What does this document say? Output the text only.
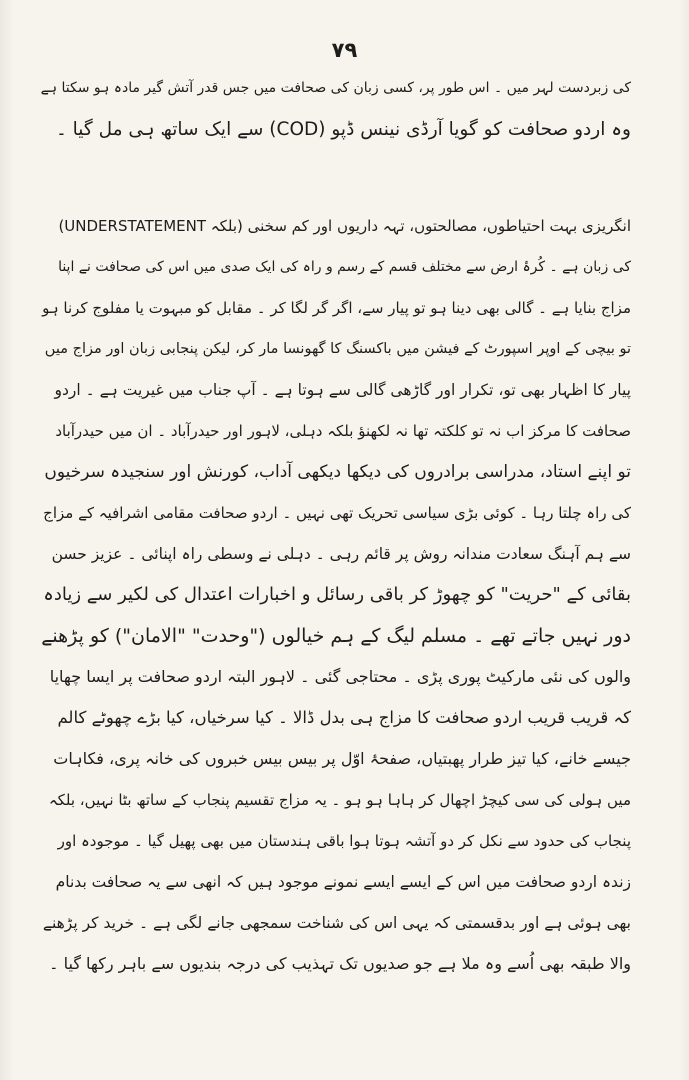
۷۹
کی زبردست لہر میں ۔ اس طور پر، کسی زبان کی صحافت میں جس قدر آتش گیر مادہ ہو سکتا ہے
وہ اردو صحافت کو گویا آرڈی نینس ڈپو (COD) سے ایک ساتھ ہی مل گیا ۔
انگریزی بہت احتیاطوں، مصالحتوں، تہہ داریوں اور کم سخنی (بلکہ UNDERSTATEMENT)
کی زبان ہے ۔ کُرۂ ارض سے مختلف قسم کے رسم و راہ کی ایک صدی میں اس کی صحافت نے اپنا
مزاج بنایا ہے ۔ گالی بھی دینا ہو تو پیار سے، اگر گر لگا کر ۔ مقابل کو مبہوت یا مفلوج کرنا ہو
تو بیچی کے اوپر اسپورٹ کے فیشن میں باکسنگ کا گھونسا مار کر، لیکن پنجابی زبان اور مزاج میں
پیار کا اظہار بھی تو، تکرار اور گاڑھی گالی سے ہوتا ہے ۔ آپ جناب میں غیریت ہے ۔ اردو
صحافت کا مرکز اب نہ تو کلکتہ تھا نہ لکھنؤ بلکہ دہلی، لاہور اور حیدرآباد ۔ ان میں حیدرآباد
تو اپنے استاد، مدراسی برادروں کی دیکھا دیکھی آداب، کورنش اور سنجیدہ سرخیوں
کی راہ چلتا رہا ۔ کوئی بڑی سیاسی تحریک تھی نہیں ۔ اردو صحافت مقامی اشرافیہ کے مزاج
سے ہم آہنگ سعادت مندانہ روش پر قائم رہی ۔ دہلی نے وسطی راہ اپنائی ۔ عزیز حسن
بقائی کے "حریت" کو چھوڑ کر باقی رسائل و اخبارات اعتدال کی لکیر سے زیادہ
دور نہیں جاتے تھے ۔ مسلم لیگ کے ہم خیالوں ("وحدت" "الامان") کو پڑھنے
والوں کی نئی مارکیٹ پوری پڑی ۔ محتاجی گئی ۔ لاہور البتہ اردو صحافت پر ایسا چھایا
کہ قریب قریب اردو صحافت کا مزاج ہی بدل ڈالا ۔ کیا سرخیاں، کیا بڑے چھوٹے کالم
جیسے خانے، کیا تیز طرار پھبتیاں، صفحۂ اوّل پر بیس بیس خبروں کی خانہ پری، فکاہات
میں ہولی کی سی کیچڑ اچھال کر ہاہا ہو ہو ۔ یہ مزاج تقسیم پنجاب کے ساتھ بٹا نہیں، بلکہ
پنجاب کی حدود سے نکل کر دو آتشہ ہوتا ہوا باقی ہندستان میں بھی پھیل گیا ۔ موجودہ اور
زندہ اردو صحافت میں اس کے ایسے ایسے نمونے موجود ہیں کہ انھی سے یہ صحافت بدنام
بھی ہوئی ہے اور بدقسمتی کہ یہی اس کی شناخت سمجھی جانے لگی ہے ۔ خرید کر پڑھنے
والا طبقہ بھی اُسے وہ ملا ہے جو صدیوں تک تہذیب کی درجہ بندیوں سے باہر رکھا گیا ۔
